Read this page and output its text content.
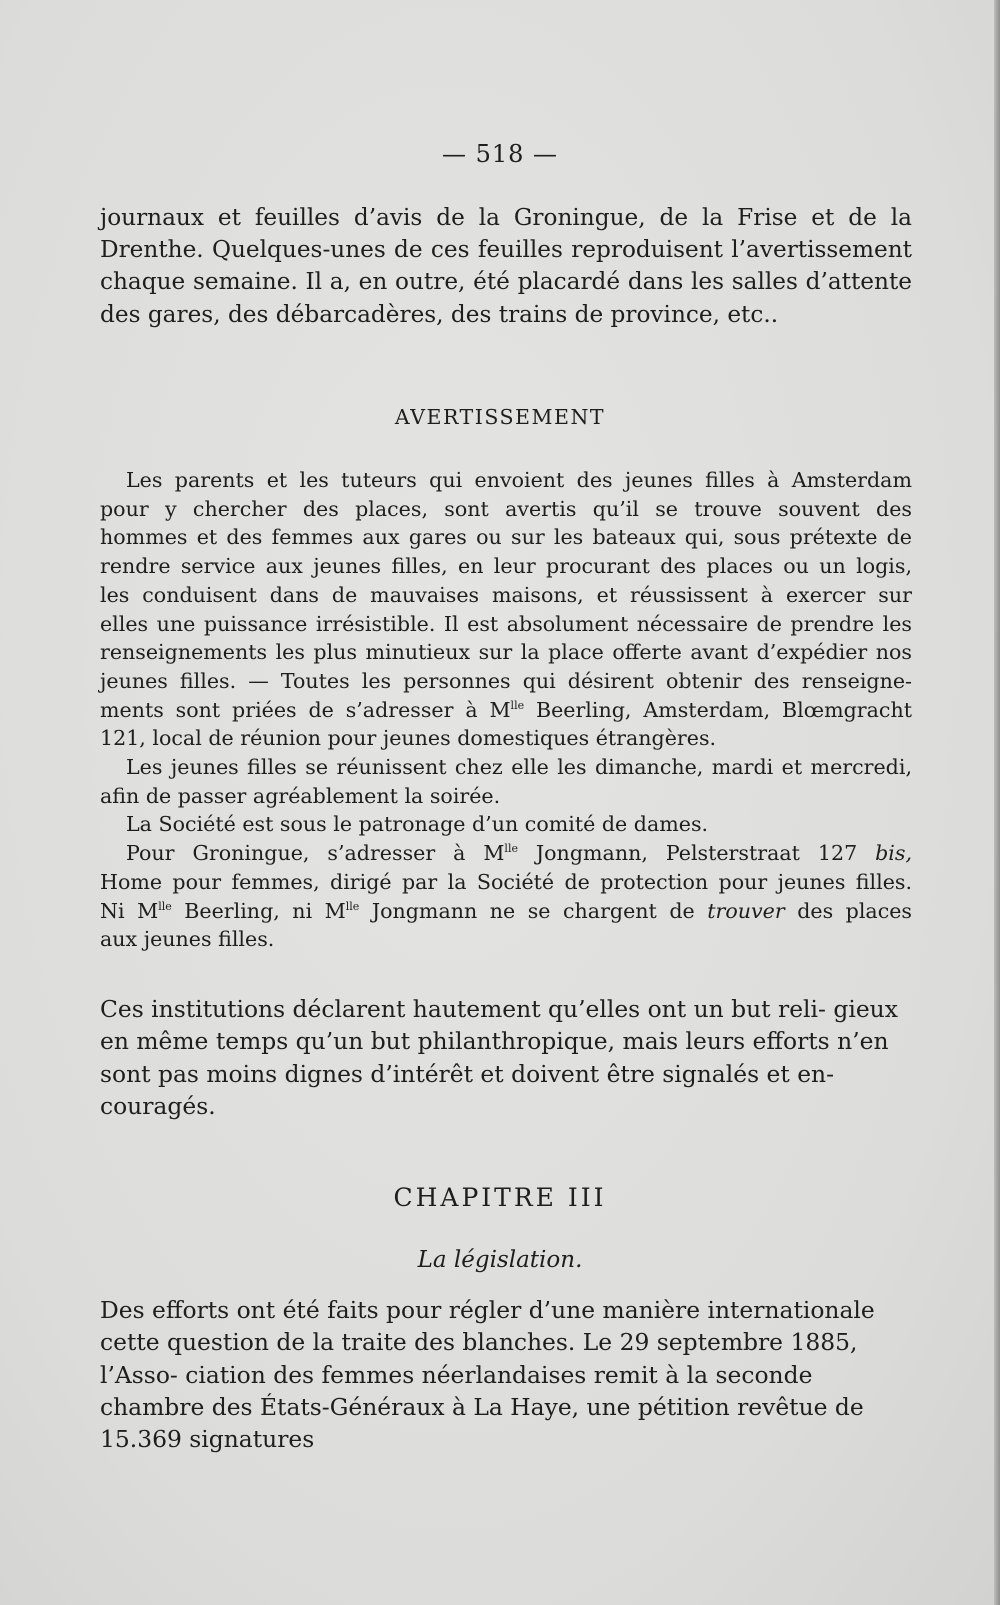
— 518 —
journaux et feuilles d’avis de la Groningue, de la Frise et de la
Drenthe. Quelques-unes de ces feuilles reproduisent l’avertissement
chaque semaine. Il a, en outre, été placardé dans les salles d’attente
des gares, des débarcadères, des trains de province, etc..
AVERTISSEMENT
Les parents et les tuteurs qui envoient des jeunes filles à Amsterdam
pour y chercher des places, sont avertis qu’il se trouve souvent des
hommes et des femmes aux gares ou sur les bateaux qui, sous prétexte de
rendre service aux jeunes filles, en leur procurant des places ou un logis,
les conduisent dans de mauvaises maisons, et réussissent à exercer sur
elles une puissance irrésistible. Il est absolument nécessaire de prendre les
renseignements les plus minutieux sur la place offerte avant d’expédier nos
jeunes filles. — Toutes les personnes qui désirent obtenir des renseigne-
ments sont priées de s’adresser à $M^{lle}$ Beerling, Amsterdam, Blœmgracht
121, local de réunion pour jeunes domestiques étrangères.
Les jeunes filles se réunissent chez elle les dimanche, mardi et mercredi,
afin de passer agréablement la soirée.
La Société est sous le patronage d’un comité de dames.
Pour Groningue, s’adresser à $M^{lle}$ Jongmann, Pelsterstraat 127 bis,
Home pour femmes, dirigé par la Société de protection pour jeunes filles.
Ni $M^{lle}$ Beerling, ni $M^{lle}$ Jongmann ne se chargent de trouver des places
aux jeunes filles.
Ces institutions déclarent hautement qu’elles ont un but reli- gieux en même temps qu’un but philanthropique, mais leurs efforts n’en sont pas moins dignes d’intérêt et doivent être signalés et en- couragés.
CHAPITRE III
La législation.
Des efforts ont été faits pour régler d’une manière internationale cette question de la traite des blanches. Le 29 septembre 1885, l’Asso- ciation des femmes néerlandaises remit à la seconde chambre des États-Généraux à La Haye, une pétition revêtue de 15.369 signatures
